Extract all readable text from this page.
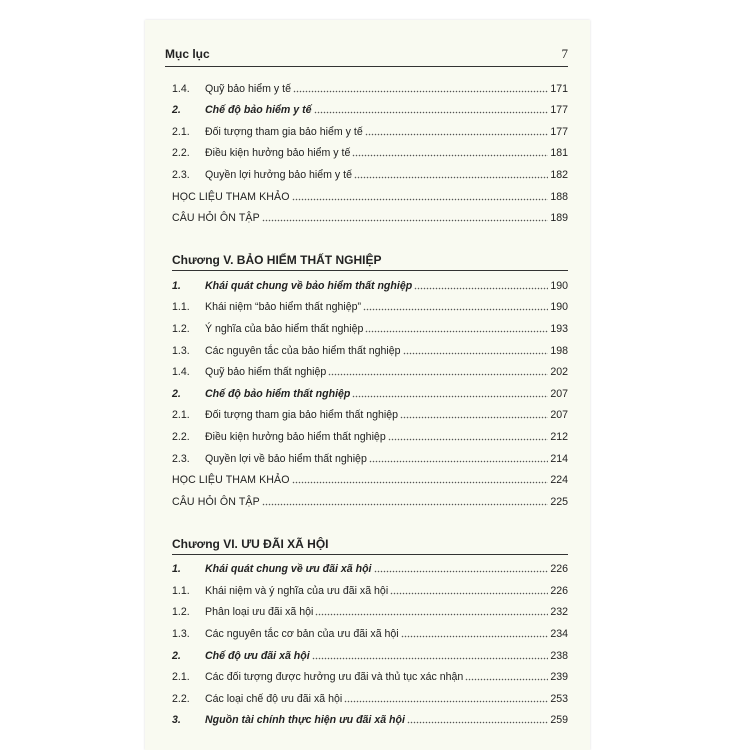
Mục lục	7
1.4.	Quỹ bảo hiểm y tế	171
2.	Chế độ bảo hiểm y tế	177
2.1.	Đối tượng tham gia bảo hiểm y tế	177
2.2.	Điều kiện hưởng bảo hiểm y tế	181
2.3.	Quyền lợi hưởng bảo hiểm y tế	182
HỌC LIỆU THAM KHẢO	188
CÂU HỎI ÔN TẬP	189
Chương V. BẢO HIỂM THẤT NGHIỆP
1.	Khái quát chung về bảo hiểm thất nghiệp	190
1.1.	Khái niệm “bảo hiểm thất nghiệp”	190
1.2.	Ý nghĩa của bảo hiểm thất nghiệp	193
1.3.	Các nguyên tắc của bảo hiểm thất nghiệp	198
1.4.	Quỹ bảo hiểm thất nghiệp	202
2.	Chế độ bảo hiểm thất nghiệp	207
2.1.	Đối tượng tham gia bảo hiểm thất nghiệp	207
2.2.	Điều kiện hưởng bảo hiểm thất nghiệp	212
2.3.	Quyền lợi về bảo hiểm thất nghiệp	214
HỌC LIỆU THAM KHẢO	224
CÂU HỎI ÔN TẬP	225
Chương VI. ƯU ĐÃI XÃ HỘI
1.	Khái quát chung về ưu đãi xã hội	226
1.1.	Khái niệm và ý nghĩa của ưu đãi xã hội	226
1.2.	Phân loại ưu đãi xã hội	232
1.3.	Các nguyên tắc cơ bản của ưu đãi xã hội	234
2.	Chế độ ưu đãi xã hội	238
2.1.	Các đối tượng được hưởng ưu đãi và thủ tục xác nhận	239
2.2.	Các loại chế độ ưu đãi xã hội	253
3.	Nguồn tài chính thực hiện ưu đãi xã hội	259
